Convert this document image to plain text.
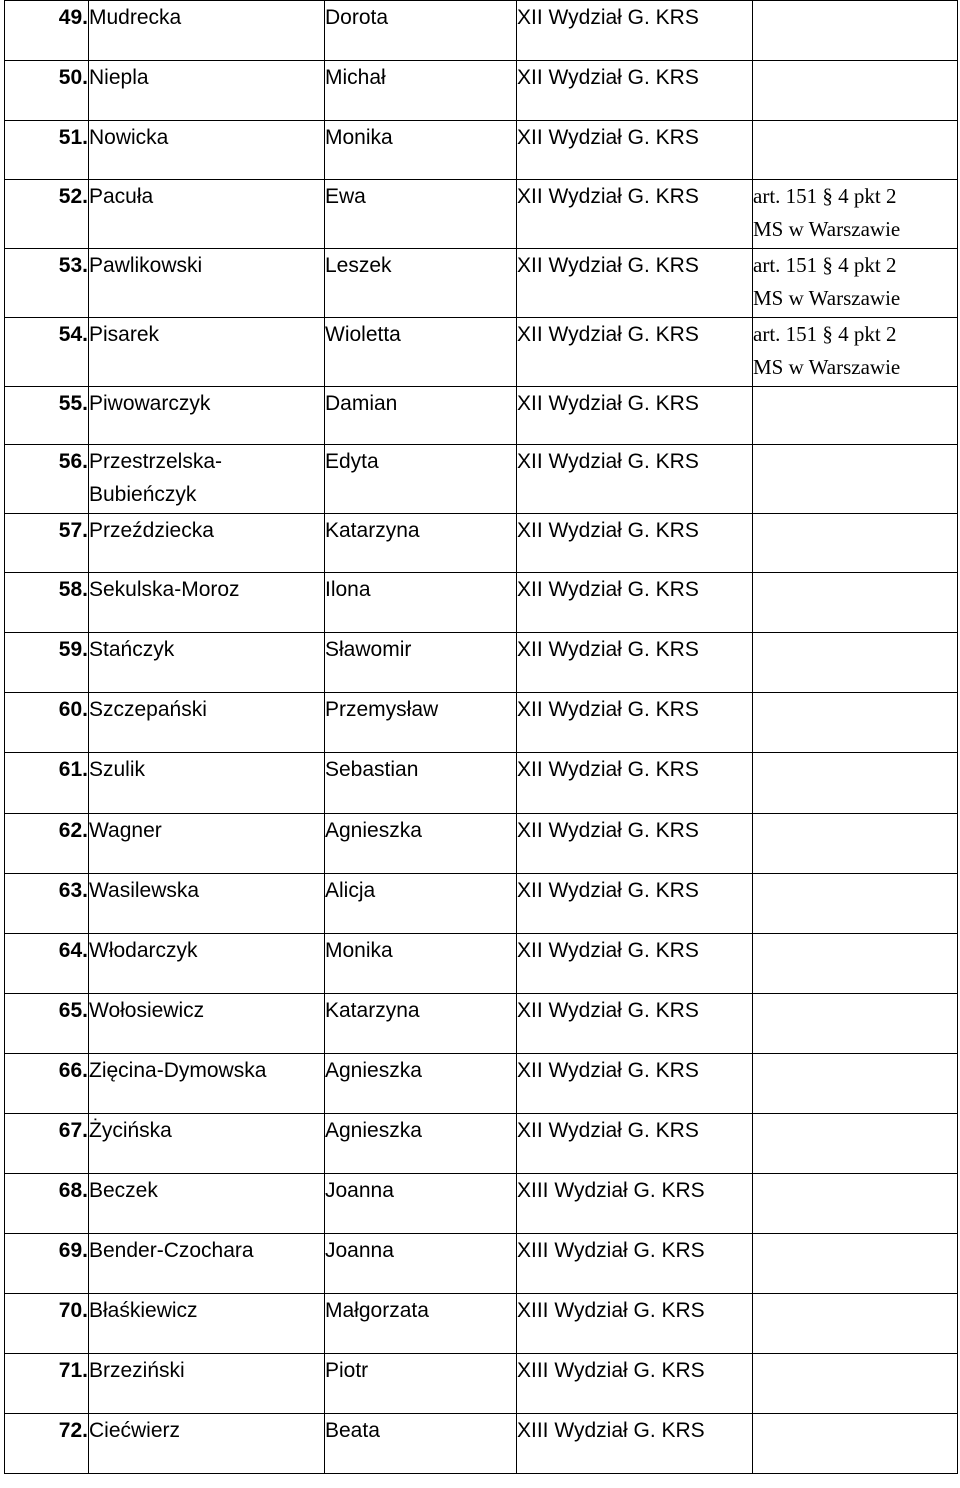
49.	Mudrecka	Dorota	XII Wydział G. KRS	

50.	Niepla	Michał	XII Wydział G. KRS	

51.	Nowicka	Monika	XII Wydział G. KRS	

52.	Pacuła	Ewa	XII Wydział G. KRS	art. 151 § 4 pkt 2
MS w Warszawie

53.	Pawlikowski	Leszek	XII Wydział G. KRS	art. 151 § 4 pkt 2
MS w Warszawie

54.	Pisarek	Wioletta	XII Wydział G. KRS	art. 151 § 4 pkt 2
MS w Warszawie

55.	Piwowarczyk	Damian	XII Wydział G. KRS	

56.	Przestrzelska-Bubieńczyk	Edyta	XII Wydział G. KRS	

57.	Przeździecka	Katarzyna	XII Wydział G. KRS	

58.	Sekulska-Moroz	Ilona	XII Wydział G. KRS	

59.	Stańczyk	Sławomir	XII Wydział G. KRS	

60.	Szczepański	Przemysław	XII Wydział G. KRS	

61.	Szulik	Sebastian	XII Wydział G. KRS	

62.	Wagner	Agnieszka	XII Wydział G. KRS	

63.	Wasilewska	Alicja	XII Wydział G. KRS	

64.	Włodarczyk	Monika	XII Wydział G. KRS	

65.	Wołosiewicz	Katarzyna	XII Wydział G. KRS	

66.	Zięcina-Dymowska	Agnieszka	XII Wydział G. KRS	

67.	Życińska	Agnieszka	XII Wydział G. KRS	

68.	Beczek	Joanna	XIII Wydział G. KRS	

69.	Bender-Czochara	Joanna	XIII Wydział G. KRS	

70.	Błaśkiewicz	Małgorzata	XIII Wydział G. KRS	

71.	Brzeziński	Piotr	XIII Wydział G. KRS	

72.	Ciećwierz	Beata	XIII Wydział G. KRS	
